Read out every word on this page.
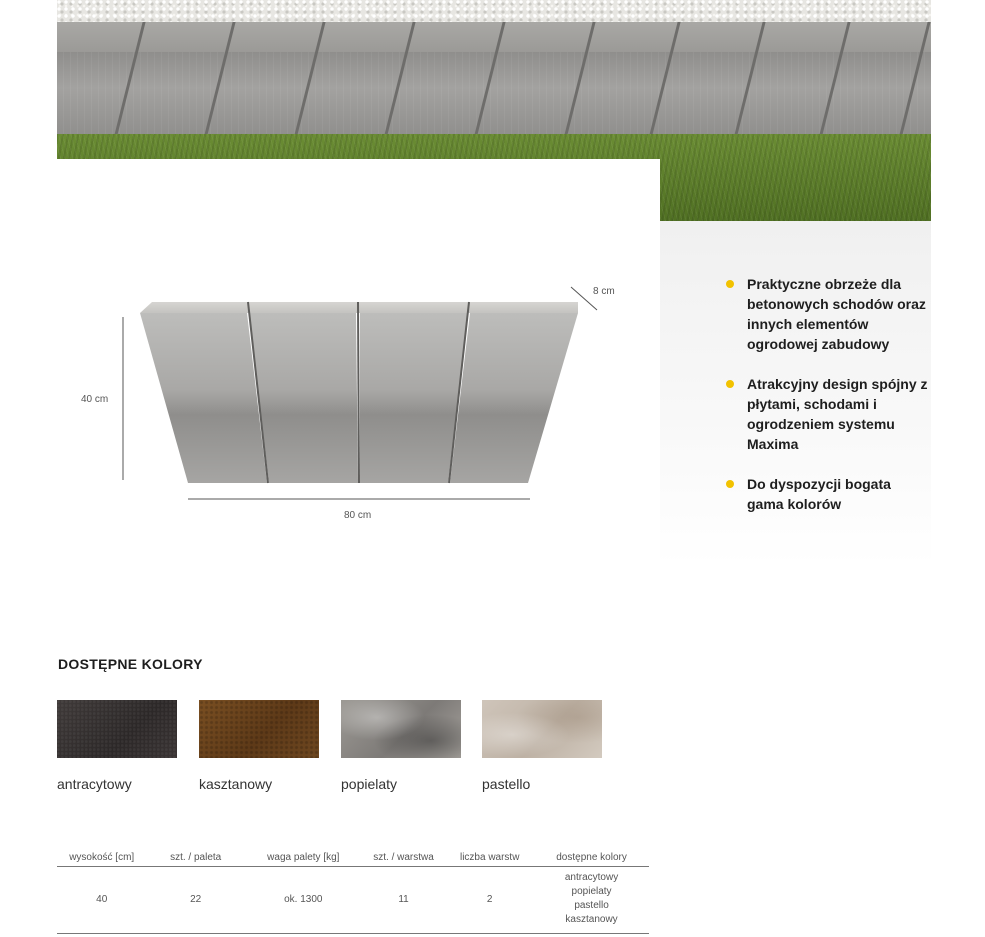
8 cm
40 cm
80 cm
Praktyczne obrzeże dla betonowych schodów oraz innych elementów ogrodowej zabudowy
Atrakcyjny design spójny z płytami, schodami i ogrodzeniem systemu Maxima
Do dyspozycji bogata gama kolorów
DOSTĘPNE KOLORY
antracytowy	kasztanowy	popielaty	pastello
wysokość [cm]	szt. / paleta	waga palety [kg]	szt. / warstwa	liczba warstw	dostępne kolory
40	22	ok. 1300	11	2	antracytowy
popielaty
pastello
kasztanowy
